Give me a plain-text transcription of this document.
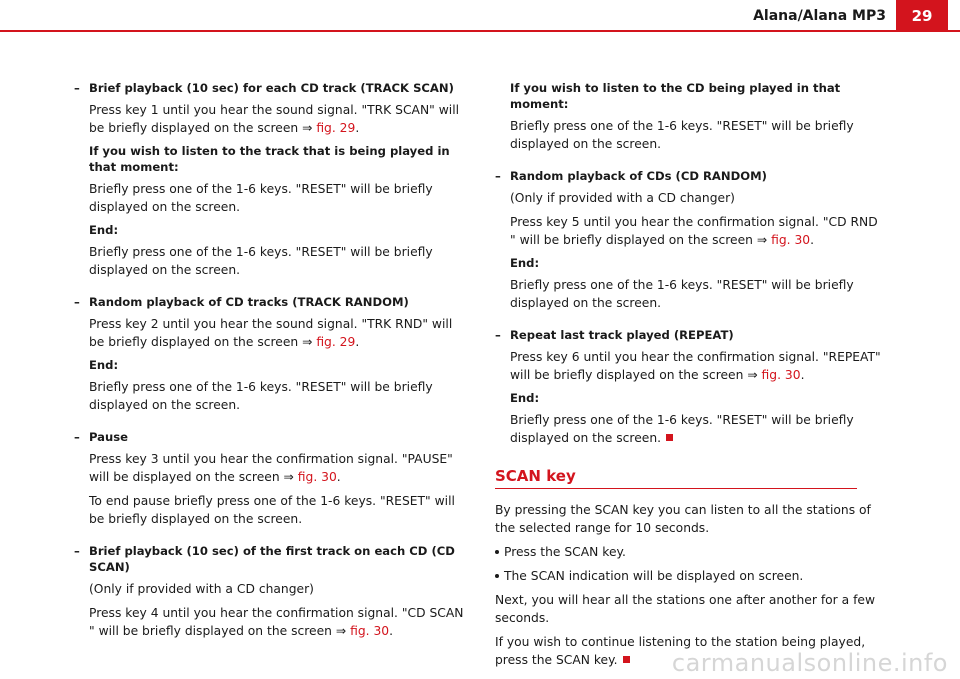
Alana/Alana MP3	29
– Brief playback (10 sec) for each CD track (TRACK SCAN)

Press key 1 until you hear the sound signal. "TRK SCAN" will be briefly displayed on the screen ⇒ fig. 29.

If you wish to listen to the track that is being played in that moment:

Briefly press one of the 1-6 keys. "RESET" will be briefly displayed on the screen.

End:

Briefly press one of the 1-6 keys. "RESET" will be briefly displayed on the screen.

– Random playback of CD tracks (TRACK RANDOM)

Press key 2 until you hear the sound signal. "TRK RND" will be briefly displayed on the screen ⇒ fig. 29.

End:

Briefly press one of the 1-6 keys. "RESET" will be briefly displayed on the screen.

– Pause

Press key 3 until you hear the confirmation signal. "PAUSE" will be displayed on the screen ⇒ fig. 30.

To end pause briefly press one of the 1-6 keys. "RESET" will be briefly displayed on the screen.

– Brief playback (10 sec) of the first track on each CD (CD SCAN)

(Only if provided with a CD changer)

Press key 4 until you hear the confirmation signal. "CD SCAN " will be briefly displayed on the screen ⇒ fig. 30.

If you wish to listen to the CD being played in that moment:

Briefly press one of the 1-6 keys. "RESET" will be briefly displayed on the screen.

– Random playback of CDs (CD RANDOM)

(Only if provided with a CD changer)

Press key 5 until you hear the confirmation signal. "CD RND " will be briefly displayed on the screen ⇒ fig. 30.

End:

Briefly press one of the 1-6 keys. "RESET" will be briefly displayed on the screen.

– Repeat last track played (REPEAT)

Press key 6 until you hear the confirmation signal. "REPEAT" will be briefly displayed on the screen ⇒ fig. 30.

End:

Briefly press one of the 1-6 keys. "RESET" will be briefly displayed on the screen.

SCAN key

By pressing the SCAN key you can listen to all the stations of the selected range for 10 seconds.

Press the SCAN key.

The SCAN indication will be displayed on screen.

Next, you will hear all the stations one after another for a few seconds.

If you wish to continue listening to the station being played, press the SCAN key.	carmanualsonline.info
